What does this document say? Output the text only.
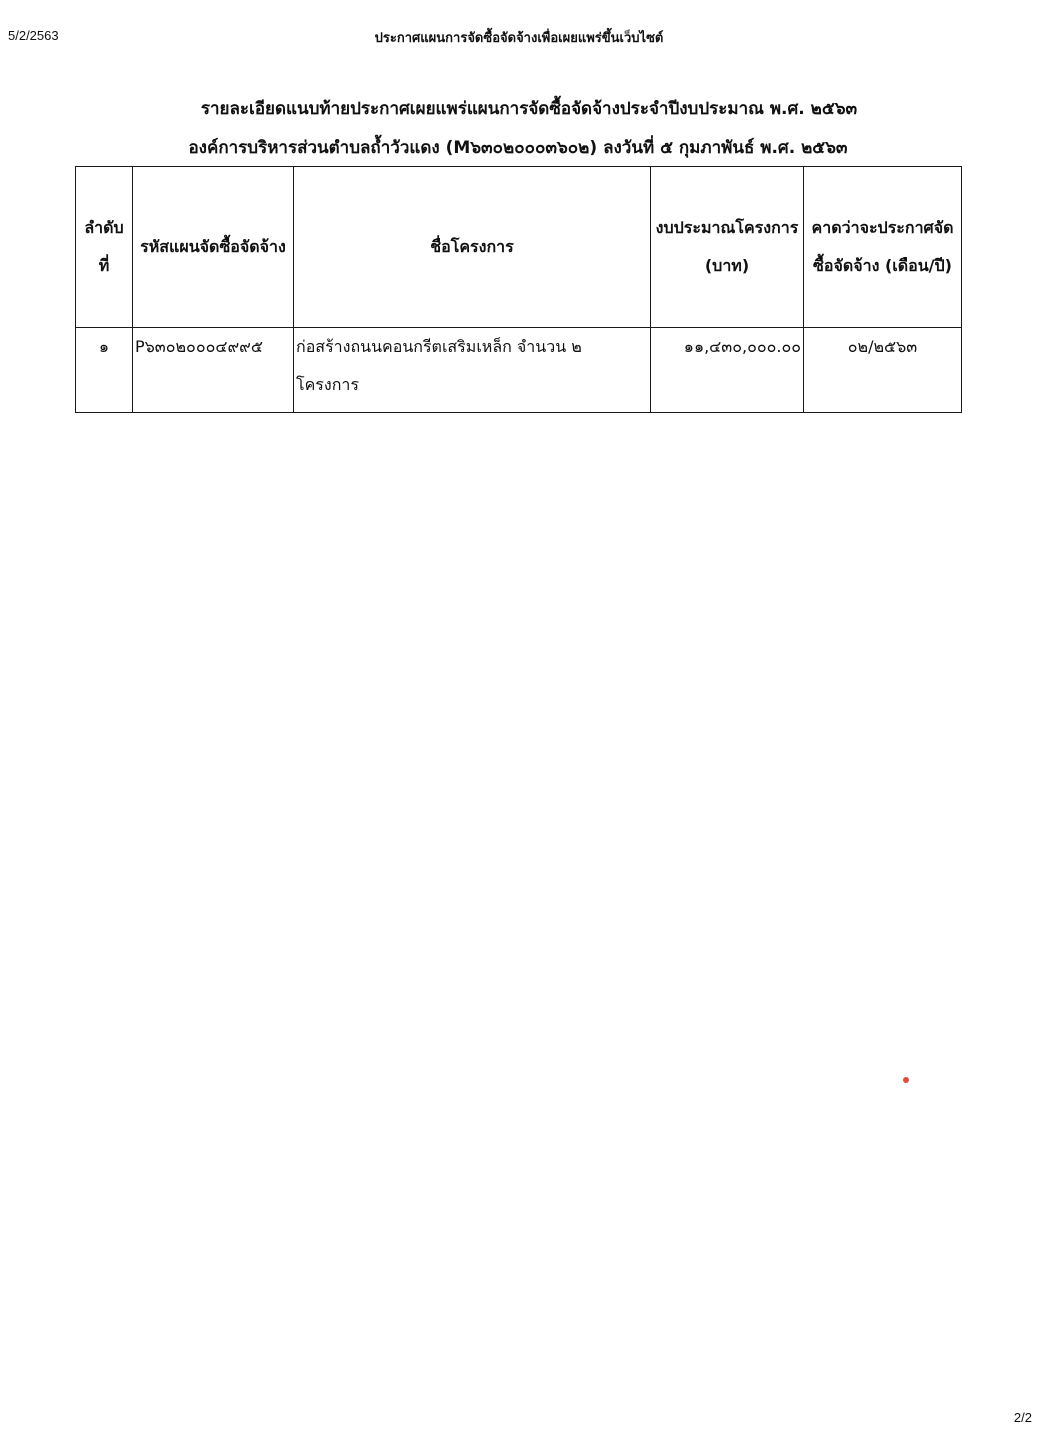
5/2/2563	ประกาศแผนการจัดซื้อจัดจ้างเพื่อเผยแพร่ขึ้นเว็บไซต์
รายละเอียดแนบท้ายประกาศเผยแพร่แผนการจัดซื้อจัดจ้างประจำปีงบประมาณ พ.ศ. ๒๕๖๓
องค์การบริหารส่วนตำบลถ้ำวัวแดง (M๖๓๐๒๐๐๐๓๖๐๒) ลงวันที่ ๕ กุมภาพันธ์ พ.ศ. ๒๕๖๓
ลำดับที่	รหัสแผนจัดซื้อจัดจ้าง	ชื่อโครงการ	งบประมาณโครงการ (บาท)	คาดว่าจะประกาศจัดซื้อจัดจ้าง (เดือน/ปี)
๑	P๖๓๐๒๐๐๐๔๙๙๕	ก่อสร้างถนนคอนกรีตเสริมเหล็ก จำนวน ๒ โครงการ	๑๑,๔๓๐,๐๐๐.๐๐	๐๒/๒๕๖๓
2/2
